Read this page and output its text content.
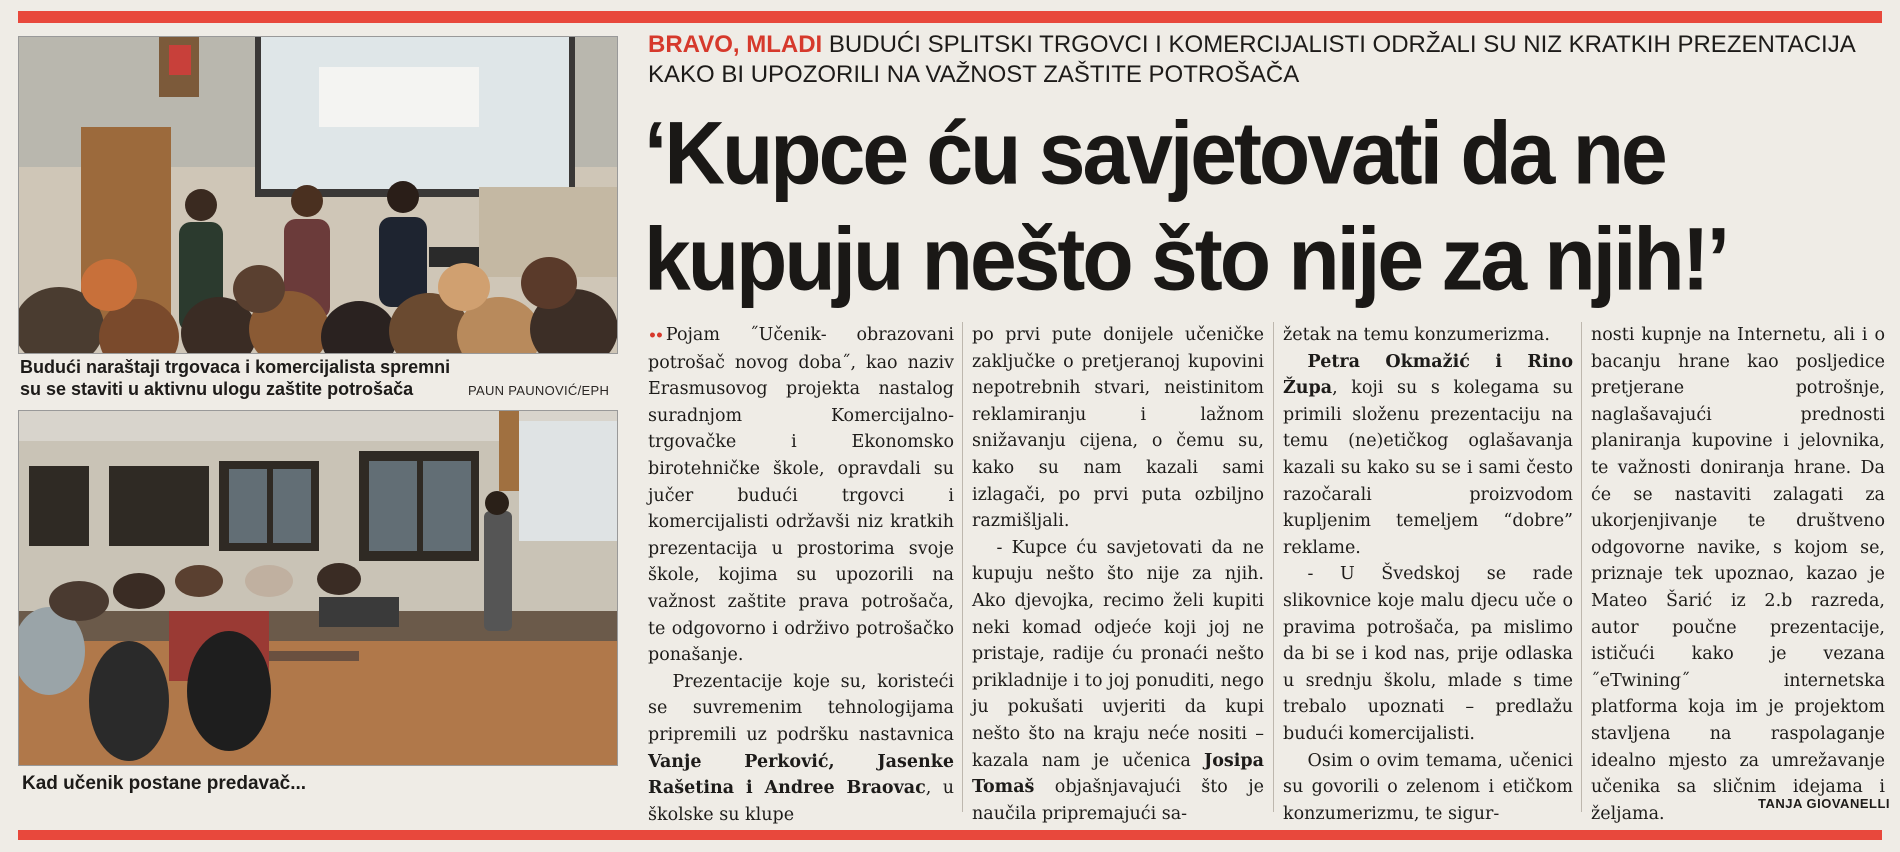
Budući naraštaji trgovaca i komercijalista spremni su se staviti u aktivnu ulogu zaštite potrošača	PAUN PAUNOVIĆ/EPH
Kad učenik postane predavač...
BRAVO, MLADI BUDUĆI SPLITSKI TRGOVCI I KOMERCIJALISTI ODRŽALI SU NIZ KRATKIH PREZENTACIJA KAKO BI UPOZORILI NA VAŽNOST ZAŠTITE POTROŠAČA
‘Kupce ću savjetovati da ne kupuju nešto što nije za njih!’

•• Pojam ˝Učenik- obrazovani potrošač novog doba˝, kao naziv Erasmusovog projekta nastalog suradnjom Komercijalno-trgovačke i Ekonomsko birotehničke škole, opravdali su jučer budući trgovci i komercijalisti održavši niz kratkih prezentacija u prostorima svoje škole, kojima su upozorili na važnost zaštite prava potrošača, te odgovorno i održivo potrošačko ponašanje.

Prezentacije koje su, koristeći se suvremenim tehnologijama pripremili uz podršku nastavnica Vanje Perković, Jasenke Rašetina i Andree Braovac, u školske su klupe

po prvi pute donijele učeničke zaključke o pretjeranoj kupovini nepotrebnih stvari, neistinitom reklamiranju i lažnom snižavanju cijena, o čemu su, kako su nam kazali sami izlagači, po prvi puta ozbiljno razmišljali.

- Kupce ću savjetovati da ne kupuju nešto što nije za njih. Ako djevojka, recimo želi kupiti neki komad odjeće koji joj ne pristaje, radije ću pronaći nešto prikladnije i to joj ponuditi, nego ju pokušati uvjeriti da kupi nešto što na kraju neće nositi – kazala nam je učenica Josipa Tomaš objašnjavajući što je naučila pripremajući sa-

žetak na temu konzumerizma.

Petra Okmažić i Rino Župa, koji su s kolegama su primili složenu prezentaciju na temu (ne)etičkog oglašavanja kazali su kako su se i sami često razočarali proizvodom kupljenim temeljem “dobre” reklame.

- U Švedskoj se rade slikovnice koje malu djecu uče o pravima potrošača, pa mislimo da bi se i kod nas, prije odlaska u srednju školu, mlade s time trebalo upoznati – predlažu budući komercijalisti.

Osim o ovim temama, učenici su govorili o zelenom i etičkom konzumerizmu, te sigur-

nosti kupnje na Internetu, ali i o bacanju hrane kao posljedice pretjerane potrošnje, naglašavajući prednosti planiranja kupovine i jelovnika, te važnosti doniranja hrane. Da će se nastaviti zalagati za ukorjenjivanje te društveno odgovorne navike, s kojom se, priznaje tek upoznao, kazao je Mateo Šarić iz 2.b razreda, autor poučne prezentacije, ističući kako je vezana ˝eTwining˝ internetska platforma koja im je projektom stavljena na raspolaganje idealno mjesto za umrežavanje učenika sa sličnim idejama i željama.

TANJA GIOVANELLI
